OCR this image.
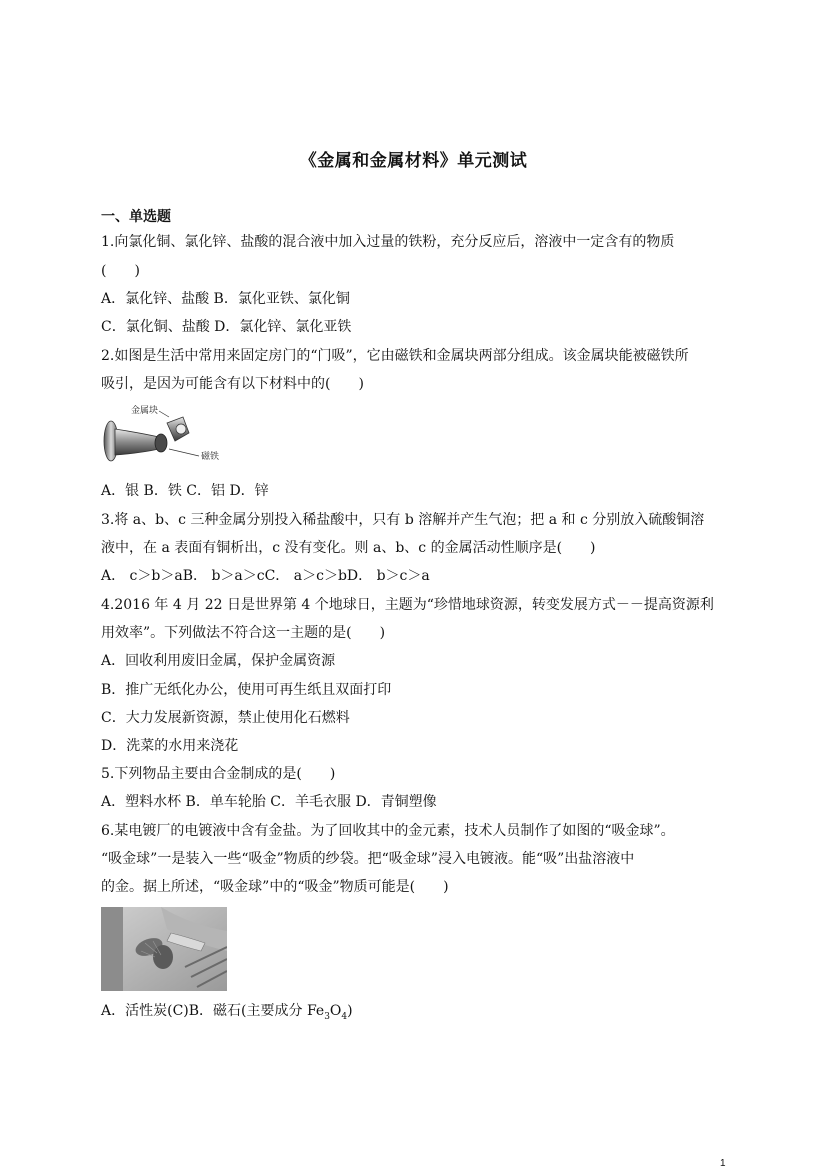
《金属和金属材料》单元测试
一、单选题
1.向氯化铜、氯化锌、盐酸的混合液中加入过量的铁粉，充分反应后，溶液中一定含有的物质
(　　)
A．氯化锌、盐酸 B．氯化亚铁、氯化铜
C．氯化铜、盐酸 D．氯化锌、氯化亚铁
2.如图是生活中常用来固定房门的“门吸”，它由磁铁和金属块两部分组成。该金属块能被磁铁所
吸引，是因为可能含有以下材料中的(　　)
金属块
磁铁
A．银 B．铁 C．铝 D．锌
3.将 a、b、c 三种金属分别投入稀盐酸中，只有 b 溶解并产生气泡；把 a 和 c 分别放入硫酸铜溶
液中，在 a 表面有铜析出，c 没有变化。则 a、b、c 的金属活动性顺序是(　　)
A． c＞b＞aB． b＞a＞cC． a＞c＞bD． b＞c＞a
4.2016 年 4 月 22 日是世界第 4 个地球日，主题为“珍惜地球资源，转变发展方式－－提高资源利
用效率”。下列做法不符合这一主题的是(　　)
A．回收利用废旧金属，保护金属资源
B．推广无纸化办公，使用可再生纸且双面打印
C．大力发展新资源，禁止使用化石燃料
D．洗菜的水用来浇花
5.下列物品主要由合金制成的是(　　)
A．塑料水杯 B．单车轮胎 C．羊毛衣服 D．青铜塑像
6.某电镀厂的电镀液中含有金盐。为了回收其中的金元素，技术人员制作了如图的“吸金球”。
“吸金球”一是装入一些“吸金”物质的纱袋。把“吸金球”浸入电镀液。能“吸”出盐溶液中
的金。据上所述，“吸金球”中的“吸金”物质可能是(　　)
A．活性炭(C)B．磁石(主要成分 $Fe_3O_4$)
1
